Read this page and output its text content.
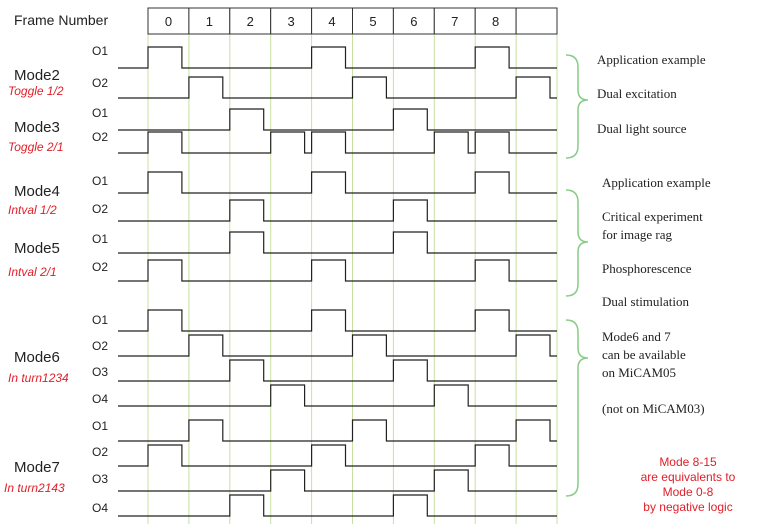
Frame Number	0	1	2	3	4	5	6	7	8
Mode2
Toggle 1/2
Mode3
Toggle 2/1
Mode4
Intval 1/2
Mode5
Intval 2/1
Mode6
In turn1234
Mode7
In turn2143
O1
O2
O1
O2
O1
O2
O1
O2
O1
O2
O3
O4
O1
O2
O3
O4
Application example
Dual excitation
Dual light source
Application example
Critical experiment
for image rag
Phosphorescence
Dual stimulation
Mode6 and 7
can be available
on MiCAM05
(not on MiCAM03)
Mode 8-15
are equivalents to
Mode 0-8
by negative logic
